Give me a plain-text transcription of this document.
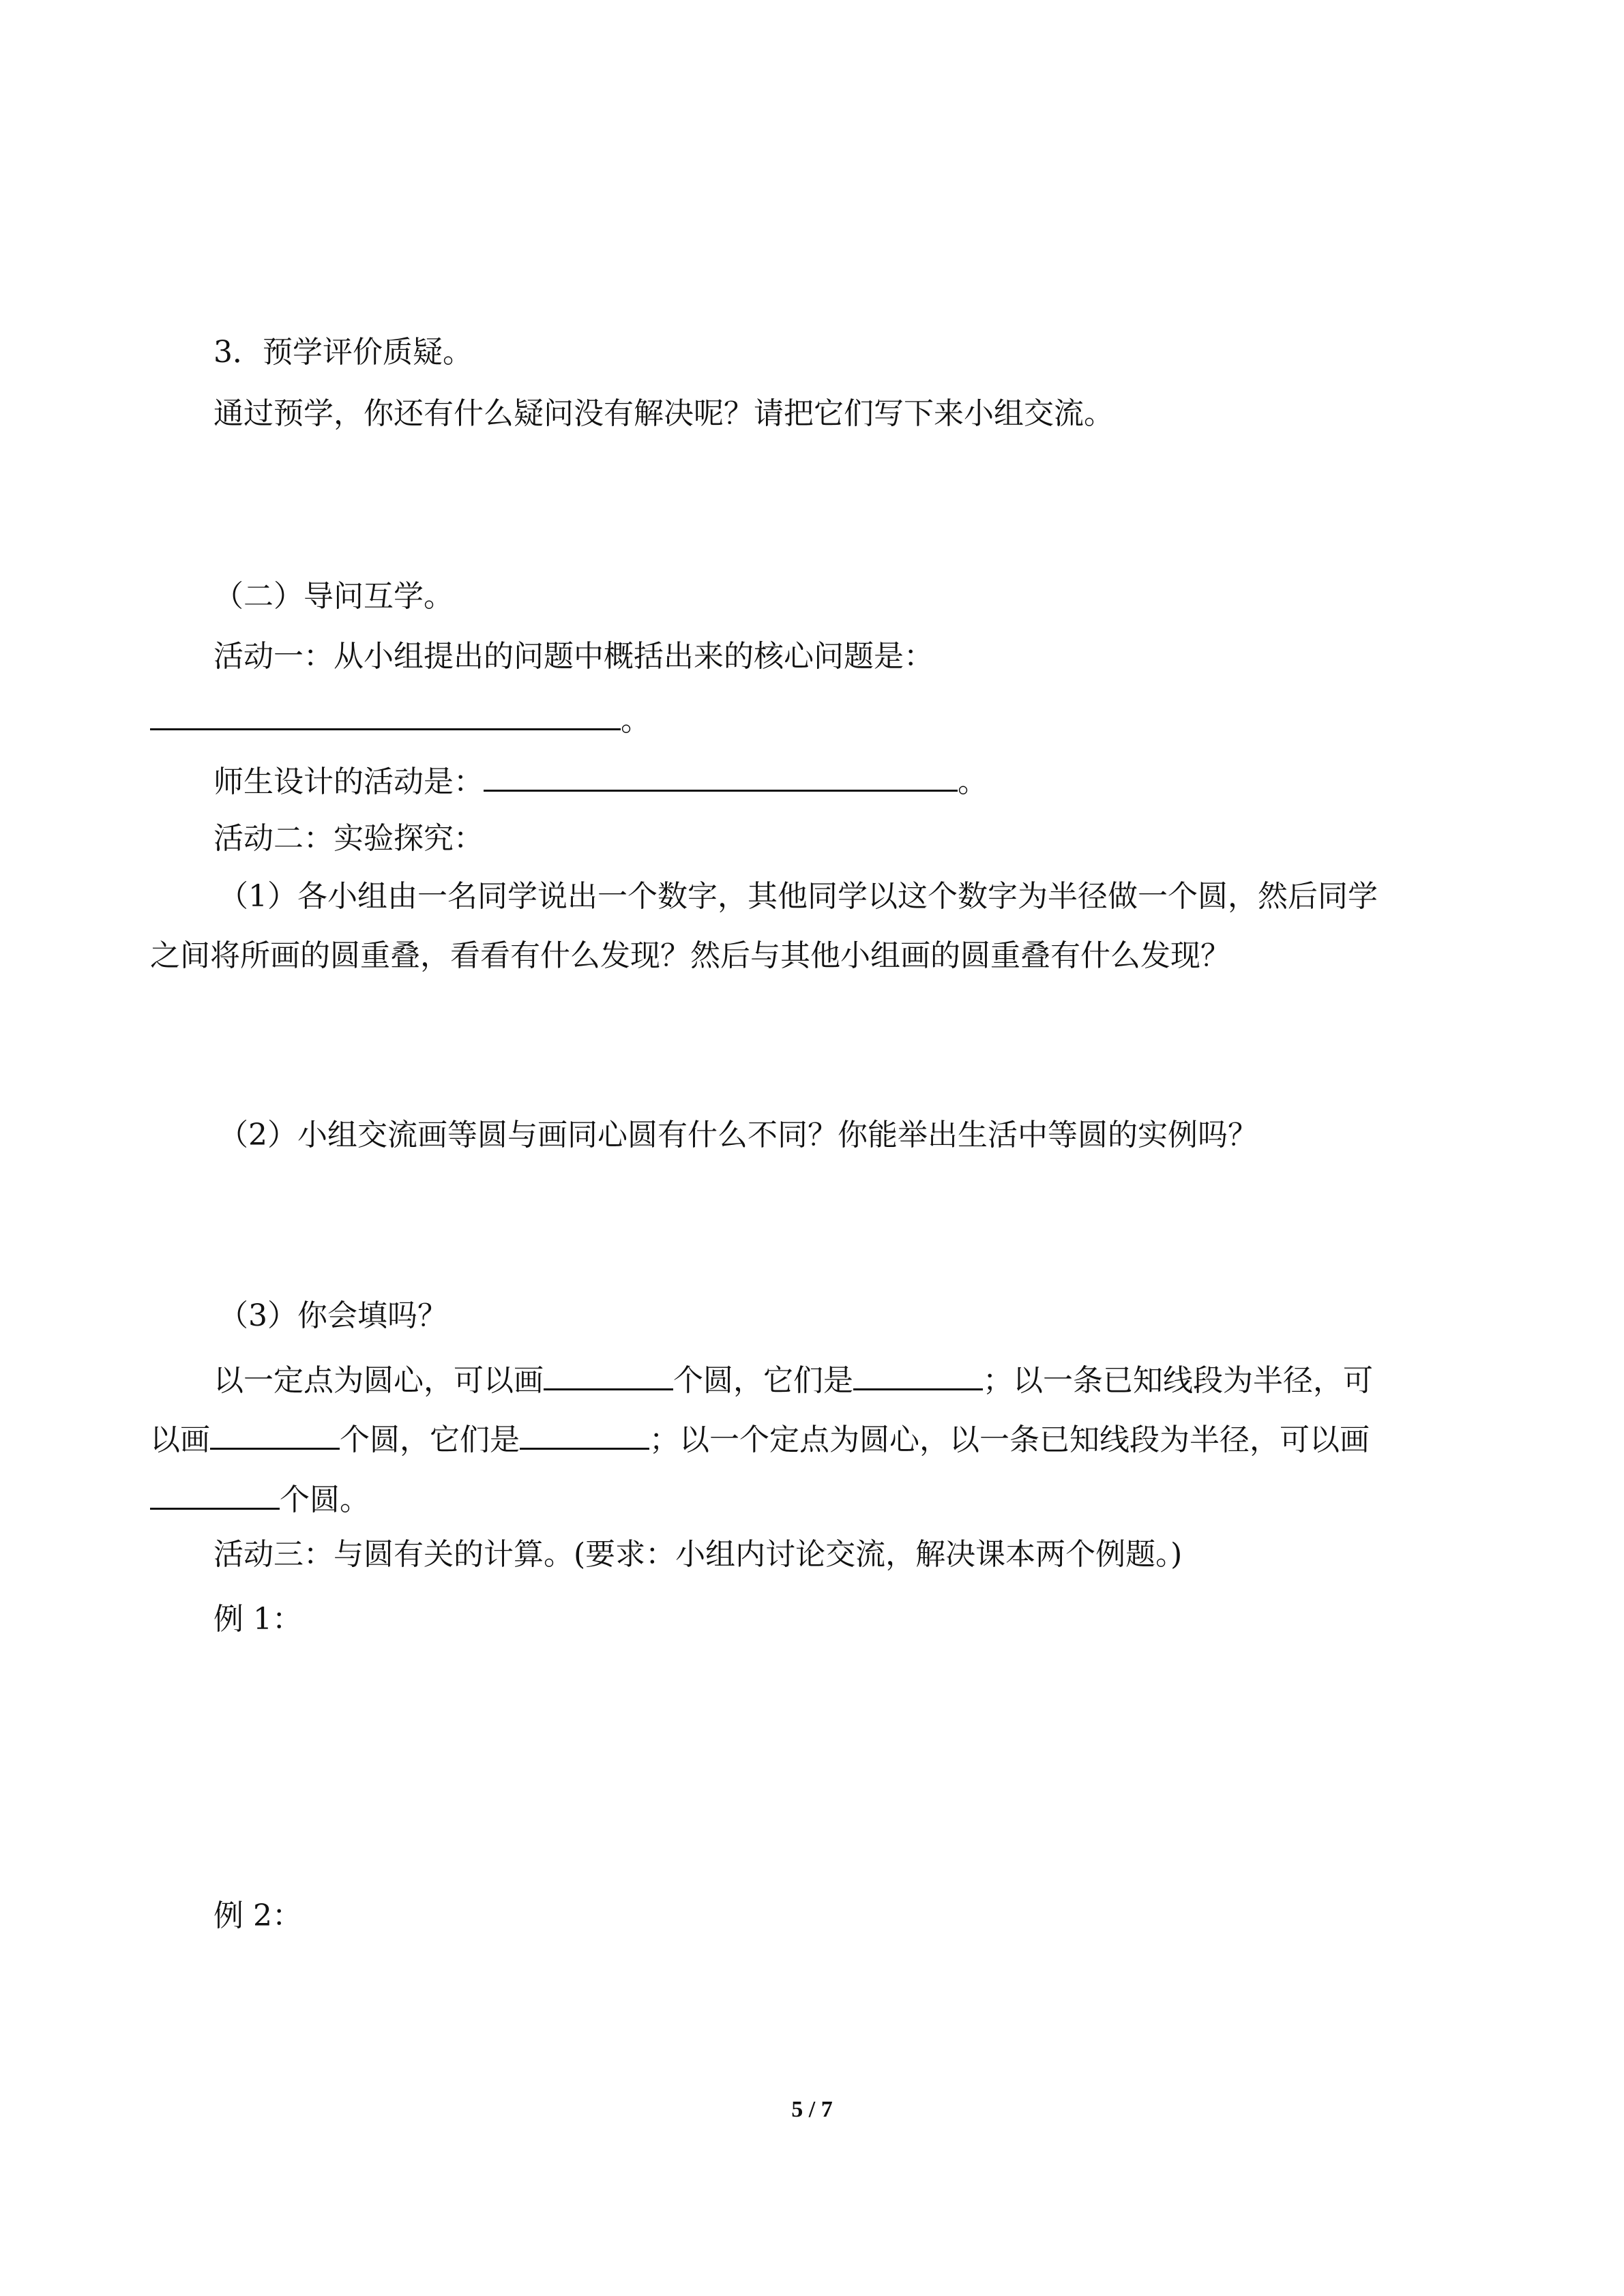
3．预学评价质疑。
通过预学，你还有什么疑问没有解决呢？请把它们写下来小组交流。
（二）导问互学。
活动一：从小组提出的问题中概括出来的核心问题是：
。
师生设计的活动是：	。
活动二：实验探究：
（1）各小组由一名同学说出一个数字，其他同学以这个数字为半径做一个圆，然后同学
之间将所画的圆重叠，看看有什么发现？然后与其他小组画的圆重叠有什么发现？
（2）小组交流画等圆与画同心圆有什么不同？你能举出生活中等圆的实例吗？
（3）你会填吗？
以一定点为圆心，可以画	个圆，它们是	；以一条已知线段为半径，可
以画	个圆，它们是	；以一个定点为圆心，以一条已知线段为半径，可以画
个圆。
活动三：与圆有关的计算。(要求：小组内讨论交流，解决课本两个例题。)
例 1：
例 2：
5 / 7
